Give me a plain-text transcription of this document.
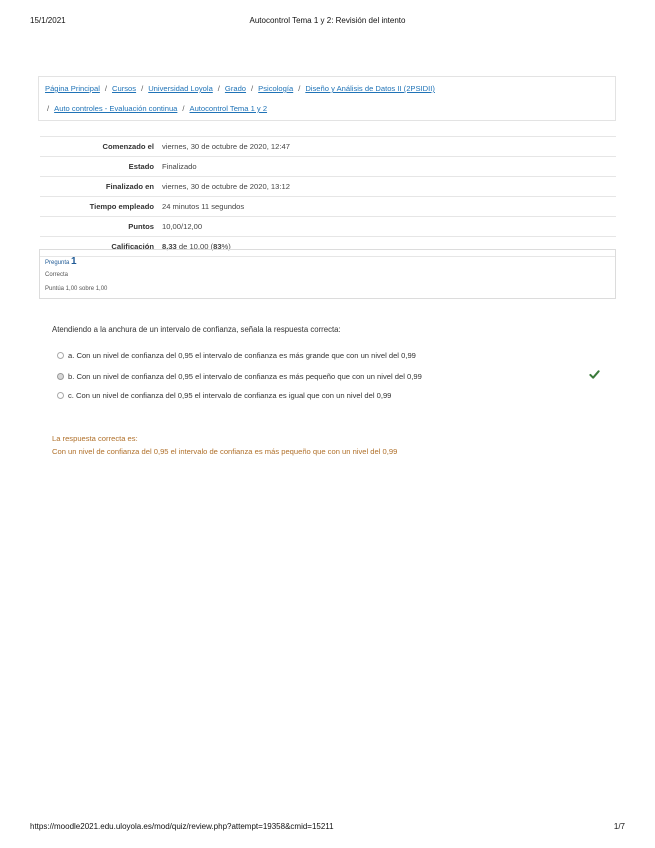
15/1/2021	Autocontrol Tema 1 y 2: Revisión del intento
Página Principal / Cursos / Universidad Loyola / Grado / Psicología / Diseño y Análisis de Datos II (2PSIDII)
/ Auto controles - Evaluación continua / Autocontrol Tema 1 y 2
Comenzado el	viernes, 30 de octubre de 2020, 12:47
Estado	Finalizado
Finalizado en	viernes, 30 de octubre de 2020, 13:12
Tiempo empleado	24 minutos 11 segundos
Puntos	10,00/12,00
Calificación	8,33 de 10,00 (83%)
Pregunta 1
Correcta
Puntúa 1,00 sobre 1,00
Atendiendo a la anchura de un intervalo de confianza, señala la respuesta correcta:
a. Con un nivel de confianza del 0,95 el intervalo de confianza es más grande que con un nivel del 0,99
b. Con un nivel de confianza del 0,95 el intervalo de confianza es más pequeño que con un nivel del 0,99
c. Con un nivel de confianza del 0,95 el intervalo de confianza es igual que con un nivel del 0,99
La respuesta correcta es:
Con un nivel de confianza del 0,95 el intervalo de confianza es más pequeño que con un nivel del 0,99
https://moodle2021.edu.uloyola.es/mod/quiz/review.php?attempt=19358&cmid=15211	1/7
